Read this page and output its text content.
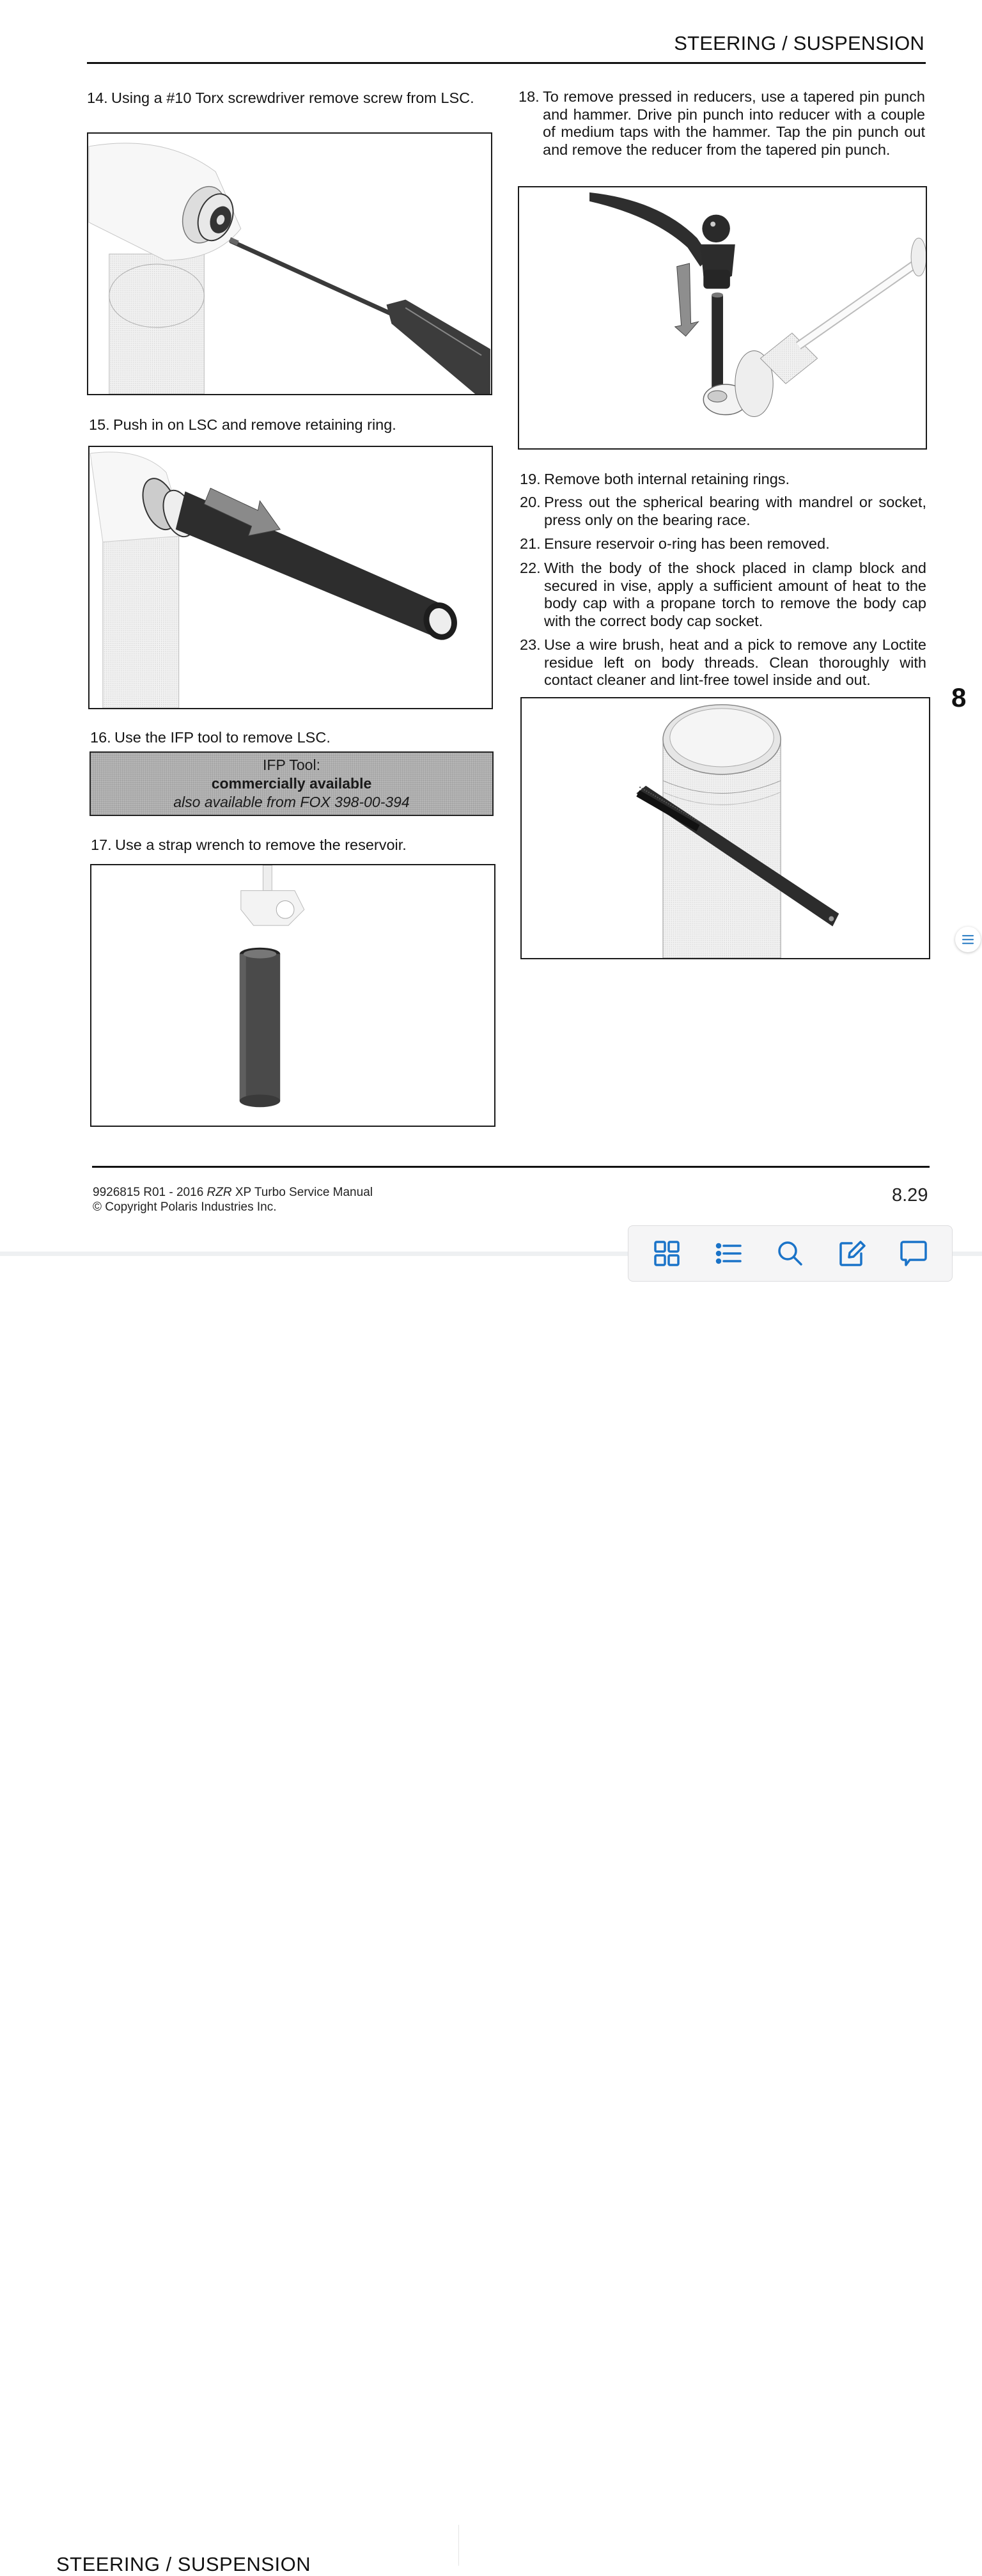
STEERING / SUSPENSION
14. Using a #10 Torx screwdriver remove screw from LSC.
15. Push in on LSC and remove retaining ring.
16. Use the IFP tool to remove LSC.
IFP Tool:
commercially available
also available from FOX 398-00-394
17. Use a strap wrench to remove the reservoir.
18. To remove pressed in reducers, use a tapered pin punch and hammer. Drive pin punch into reducer with a couple of medium taps with the hammer. Tap the pin punch out and remove the reducer from the tapered pin punch.
19. Remove both internal retaining rings.
20. Press out the spherical bearing with mandrel or socket, press only on the bearing race.
21. Ensure reservoir o-ring has been removed.
22. With the body of the shock placed in clamp block and secured in vise, apply a sufficient amount of heat to the body cap with a propane torch to remove the body cap with the correct body cap socket.
23. Use a wire brush, heat and a pick to remove any Loctite residue left on body threads. Clean thoroughly with contact cleaner and lint-free towel inside and out.
8
9926815 R01 - 2016 RZR XP Turbo Service Manual
© Copyright Polaris Industries Inc.
8.29
STEERING / SUSPENSION
